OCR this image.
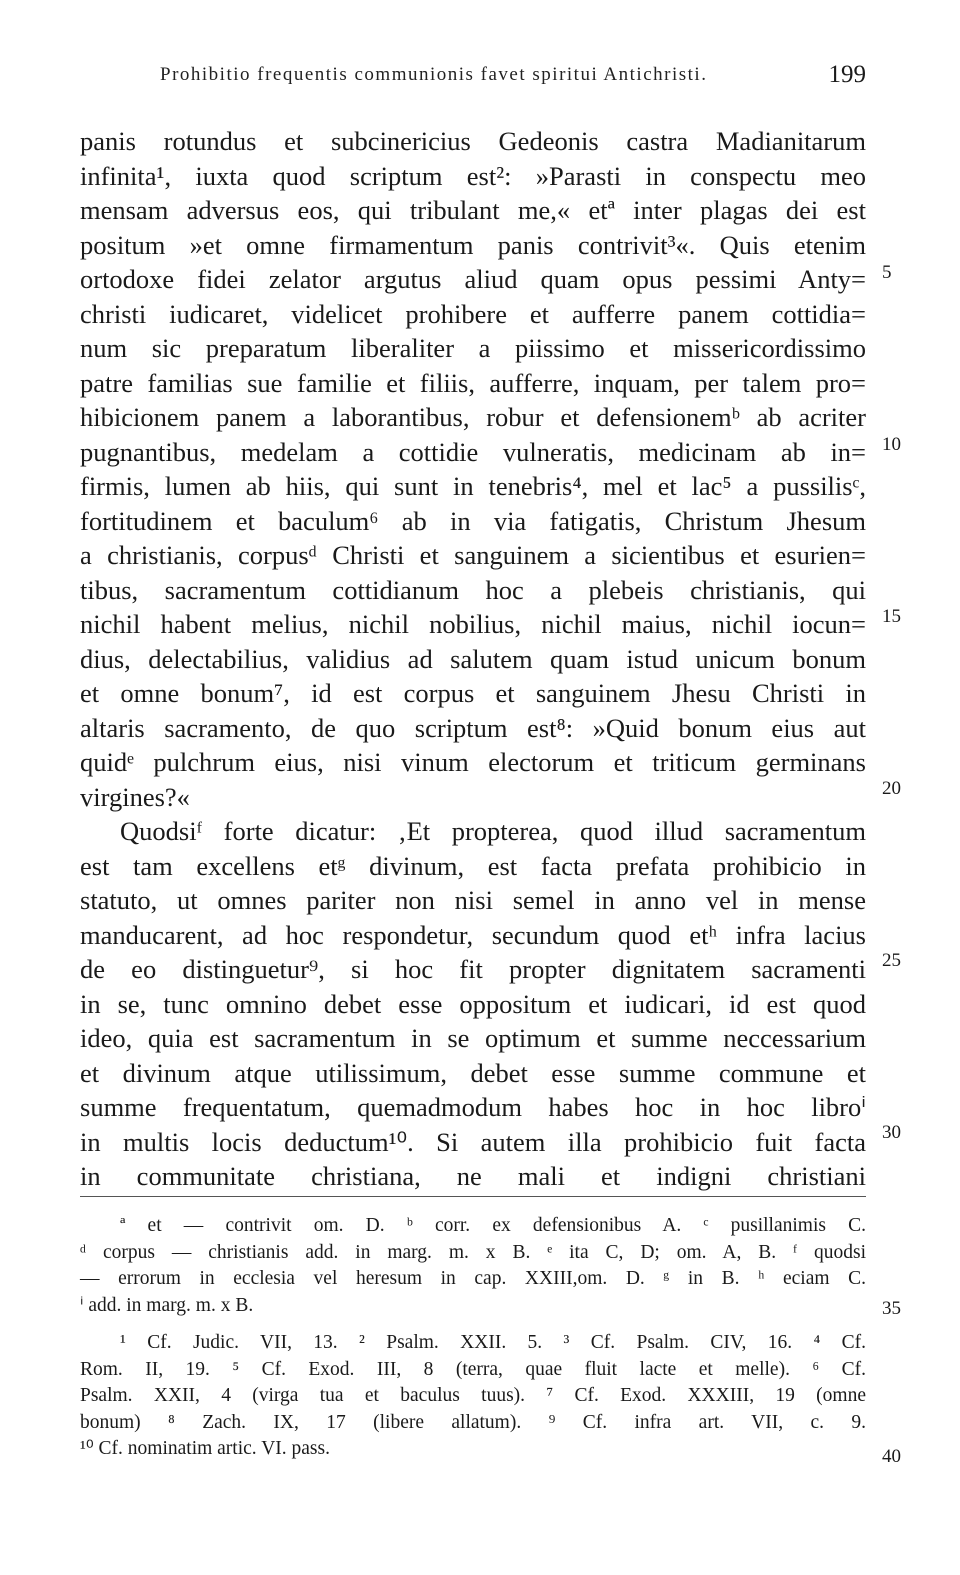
Prohibitio frequentis communionis favet spiritui Antichristi.	199
panis rotundus et subcinericius Gedeonis castra Madianitarum
infinita¹, iuxta quod scriptum est²: »Parasti in conspectu meo
mensam adversus eos, qui tribulant me,« etª inter plagas dei est
positum »et omne firmamentum panis contrivit³«. Quis etenim
ortodoxe fidei zelator argutus aliud quam opus pessimi Anty=
christi iudicaret, videlicet prohibere et aufferre panem cottidia=
num sic preparatum liberaliter a piissimo et missericordissimo
patre familias sue familie et filiis, aufferre, inquam, per talem pro=
hibicionem panem a laborantibus, robur et defensionemᵇ ab acriter
pugnantibus, medelam a cottidie vulneratis, medicinam ab in=
firmis, lumen ab hiis, qui sunt in tenebris⁴, mel et lac⁵ a pussilisᶜ,
fortitudinem et baculum⁶ ab in via fatigatis, Christum Jhesum
a christianis, corpusᵈ Christi et sanguinem a sicientibus et esurien=
tibus, sacramentum cottidianum hoc a plebeis christianis, qui
nichil habent melius, nichil nobilius, nichil maius, nichil iocun=
dius, delectabilius, validius ad salutem quam istud unicum bonum
et omne bonum⁷, id est corpus et sanguinem Jhesu Christi in
altaris sacramento, de quo scriptum est⁸: »Quid bonum eius aut
quidᵉ pulchrum eius, nisi vinum electorum et triticum germinans
virgines?«
Quodsiᶠ forte dicatur: ‚Et propterea, quod illud sacramentum
est tam excellens etᵍ divinum, est facta prefata prohibicio in
statuto, ut omnes pariter non nisi semel in anno vel in mense
manducarent, ad hoc respondetur, secundum quod etʰ infra lacius
de eo distinguetur⁹, si hoc fit propter dignitatem sacramenti
in se, tunc omnino debet esse oppositum et iudicari, id est quod
ideo, quia est sacramentum in se optimum et summe neccessarium
et divinum atque utilissimum, debet esse summe commune et
summe frequentatum, quemadmodum habes hoc in hoc libroⁱ
in multis locis deductum¹⁰. Si autem illa prohibicio fuit facta
in communitate christiana, ne mali et indigni christiani
5
10
15
20
25
30
35
40
ª et — contrivit om. D. ᵇ corr. ex defensionibus A. ᶜ pusillanimis C.
ᵈ corpus — christianis add. in marg. m. x B. ᵉ ita C, D; om. A, B. ᶠ quodsi
— errorum in ecclesia vel heresum in cap. XXIII,om. D. ᵍ in B. ʰ eciam C.
ⁱ add. in marg. m. x B.
¹ Cf. Judic. VII, 13. ² Psalm. XXII. 5. ³ Cf. Psalm. CIV, 16. ⁴ Cf.
Rom. II, 19. ⁵ Cf. Exod. III, 8 (terra, quae fluit lacte et melle). ⁶ Cf.
Psalm. XXII, 4 (virga tua et baculus tuus). ⁷ Cf. Exod. XXXIII, 19 (omne
bonum) ⁸ Zach. IX, 17 (libere allatum). ⁹ Cf. infra art. VII, c. 9.
¹⁰ Cf. nominatim artic. VI. pass.
